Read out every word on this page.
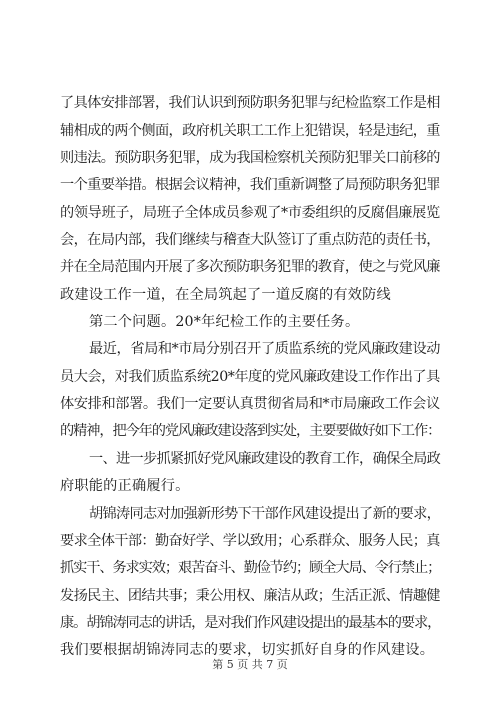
了具体安排部署，我们认识到预防职务犯罪与纪检监察工作是相
辅相成的两个侧面，政府机关职工工作上犯错误，轻是违纪，重
则违法。预防职务犯罪，成为我国检察机关预防犯罪关口前移的
一个重要举措。根据会议精神，我们重新调整了局预防职务犯罪
的领导班子，局班子全体成员参观了*市委组织的反腐倡廉展览
会，在局内部，我们继续与稽查大队签订了重点防范的责任书，
并在全局范围内开展了多次预防职务犯罪的教育，使之与党风廉
政建设工作一道，在全局筑起了一道反腐的有效防线
第二个问题。20*年纪检工作的主要任务。
最近，省局和*市局分别召开了质监系统的党风廉政建设动
员大会，对我们质监系统20*年度的党风廉政建设工作作出了具
体安排和部署。我们一定要认真贯彻省局和*市局廉政工作会议
的精神，把今年的党风廉政建设落到实处，主要要做好如下工作：
一、进一步抓紧抓好党风廉政建设的教育工作，确保全局政
府职能的正确履行。
胡锦涛同志对加强新形势下干部作风建设提出了新的要求，
要求全体干部：勤奋好学、学以致用；心系群众、服务人民；真
抓实干、务求实效；艰苦奋斗、勤俭节约；顾全大局、令行禁止；
发扬民主、团结共事；秉公用权、廉洁从政；生活正派、情趣健
康。胡锦涛同志的讲话，是对我们作风建设提出的最基本的要求，
我们要根据胡锦涛同志的要求，切实抓好自身的作风建设。
第 5 页 共 7 页
